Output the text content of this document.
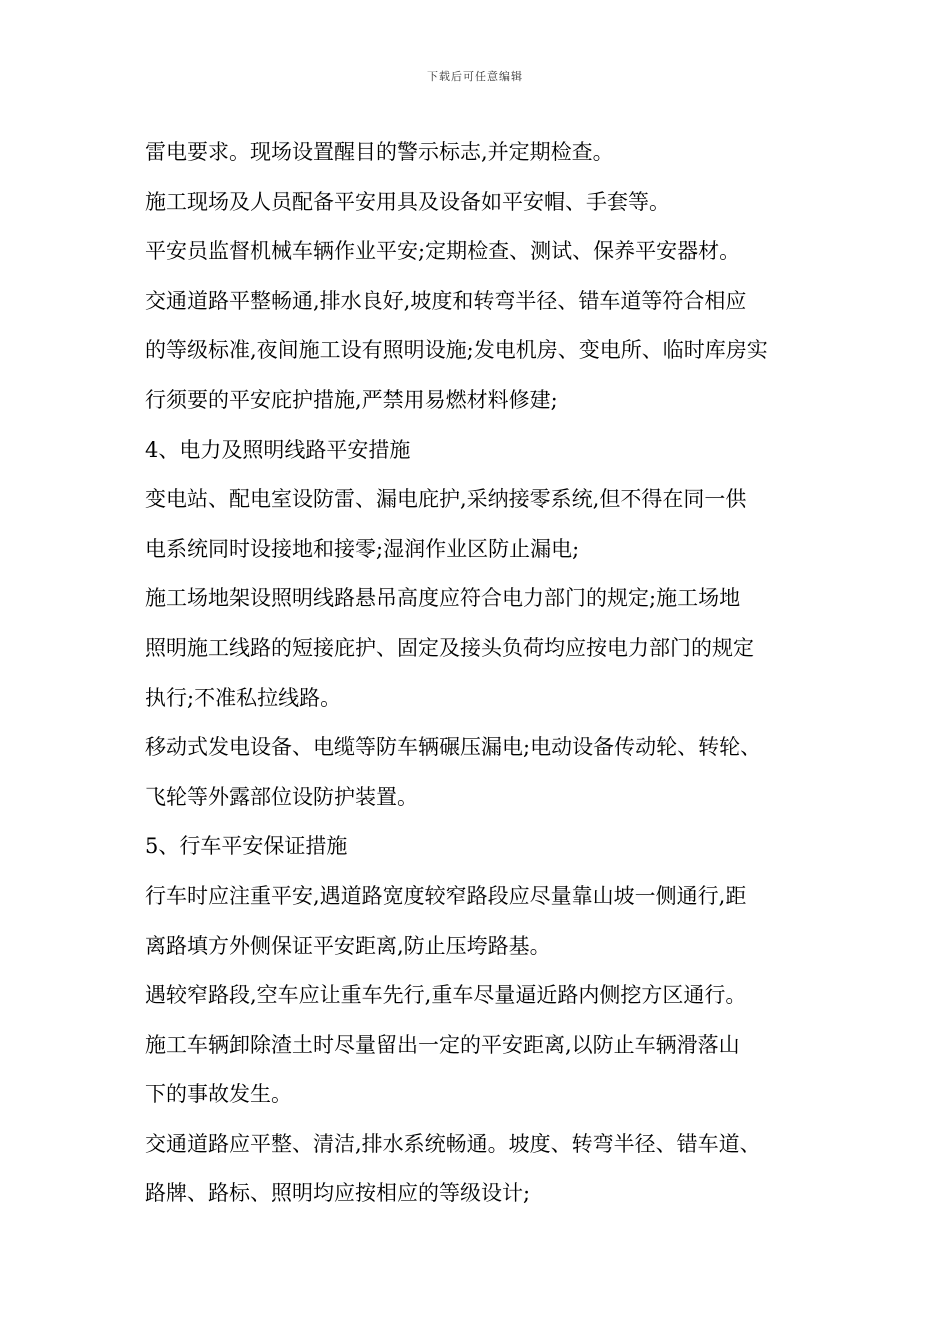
下载后可任意编辑
雷电要求。现场设置醒目的警示标志,并定期检查。
施工现场及人员配备平安用具及设备如平安帽、手套等。
平安员监督机械车辆作业平安;定期检查、测试、保养平安器材。
交通道路平整畅通,排水良好,坡度和转弯半径、错车道等符合相应
的等级标准,夜间施工设有照明设施;发电机房、变电所、临时库房实
行须要的平安庇护措施,严禁用易燃材料修建;
4、电力及照明线路平安措施
变电站、配电室设防雷、漏电庇护,采纳接零系统,但不得在同一供
电系统同时设接地和接零;湿润作业区防止漏电;
施工场地架设照明线路悬吊高度应符合电力部门的规定;施工场地
照明施工线路的短接庇护、固定及接头负荷均应按电力部门的规定
执行;不准私拉线路。
移动式发电设备、电缆等防车辆碾压漏电;电动设备传动轮、转轮、
飞轮等外露部位设防护装置。
5、行车平安保证措施
行车时应注重平安,遇道路宽度较窄路段应尽量靠山坡一侧通行,距
离路填方外侧保证平安距离,防止压垮路基。
遇较窄路段,空车应让重车先行,重车尽量逼近路内侧挖方区通行。
施工车辆卸除渣土时尽量留出一定的平安距离,以防止车辆滑落山
下的事故发生。
交通道路应平整、清洁,排水系统畅通。坡度、转弯半径、错车道、
路牌、路标、照明均应按相应的等级设计;
